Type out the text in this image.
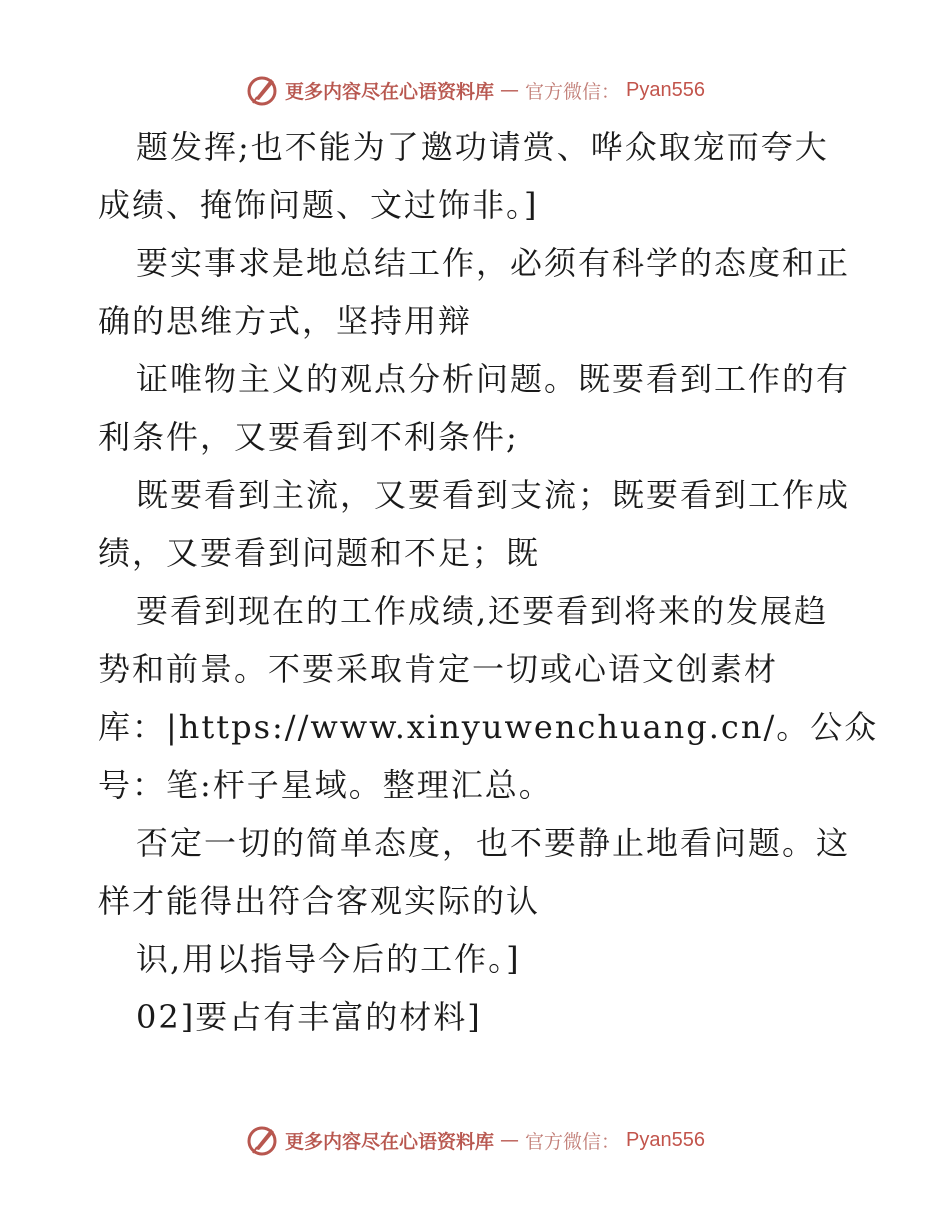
更多内容尽在心语资料库 — 官方微信： Pyan556
题发挥;也不能为了邀功请赏、哗众取宠而夸大
成绩、掩饰问题、文过饰非。]
要实事求是地总结工作，必须有科学的态度和正
确的思维方式，坚持用辩
证唯物主义的观点分析问题。既要看到工作的有
利条件，又要看到不利条件;
既要看到主流，又要看到支流；既要看到工作成
绩，又要看到问题和不足；既
要看到现在的工作成绩,还要看到将来的发展趋
势和前景。不要采取肯定一切或心语文创素材
库：|https://www.xinyuwenchuang.cn/。公众
号：笔:杆子星域。整理汇总。
否定一切的简单态度，也不要静止地看问题。这
样才能得出符合客观实际的认
识,用以指导今后的工作。]
02]要占有丰富的材料]
更多内容尽在心语资料库 — 官方微信： Pyan556
